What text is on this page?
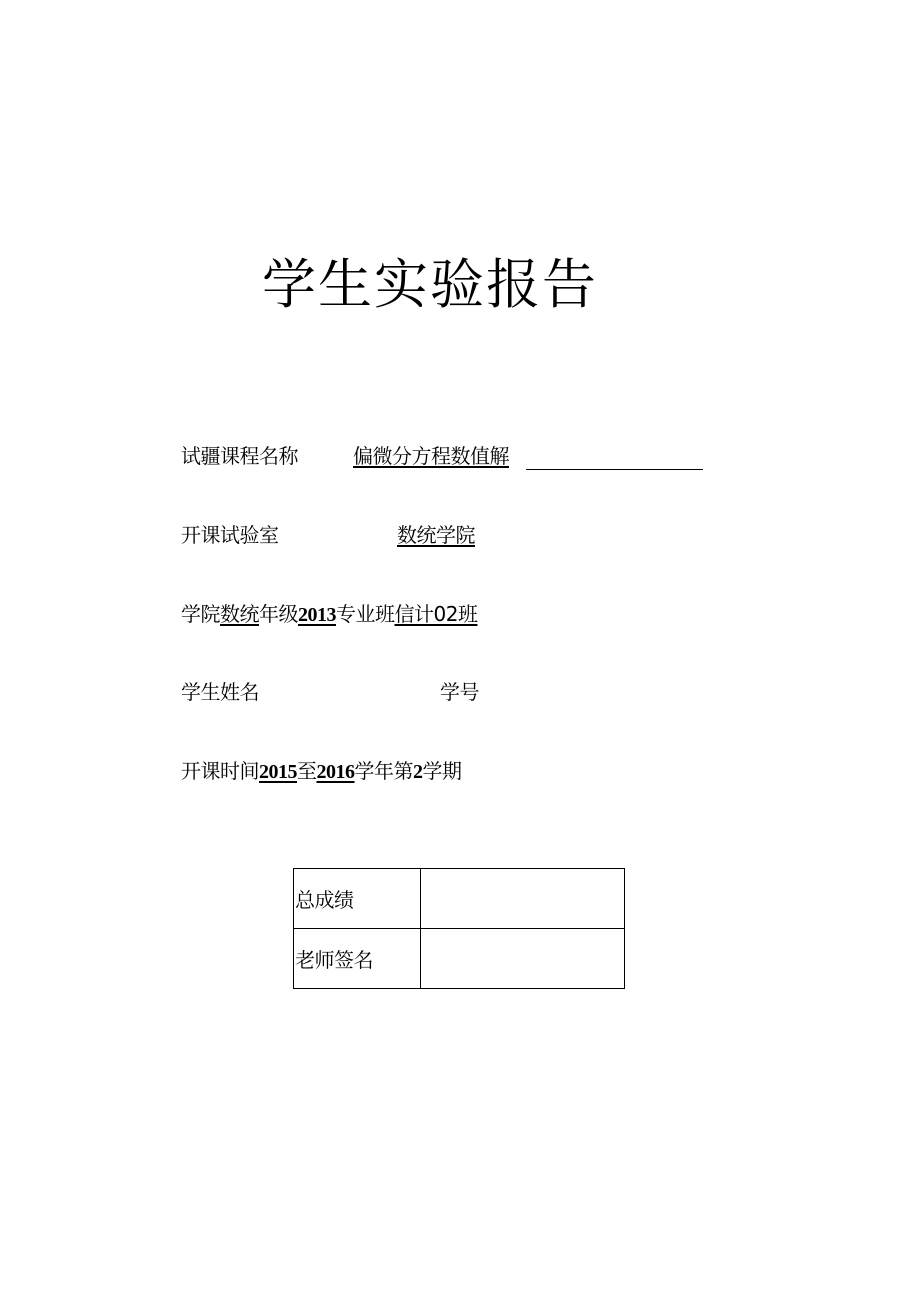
学生实验报告
试疆课程名称	偏微分方程数值解
开课试验室	数统学院
学院数统年级2013专业班信计02班
学生姓名	学号
开课时间2015至2016学年第2学期
总成绩	
老师签名	
